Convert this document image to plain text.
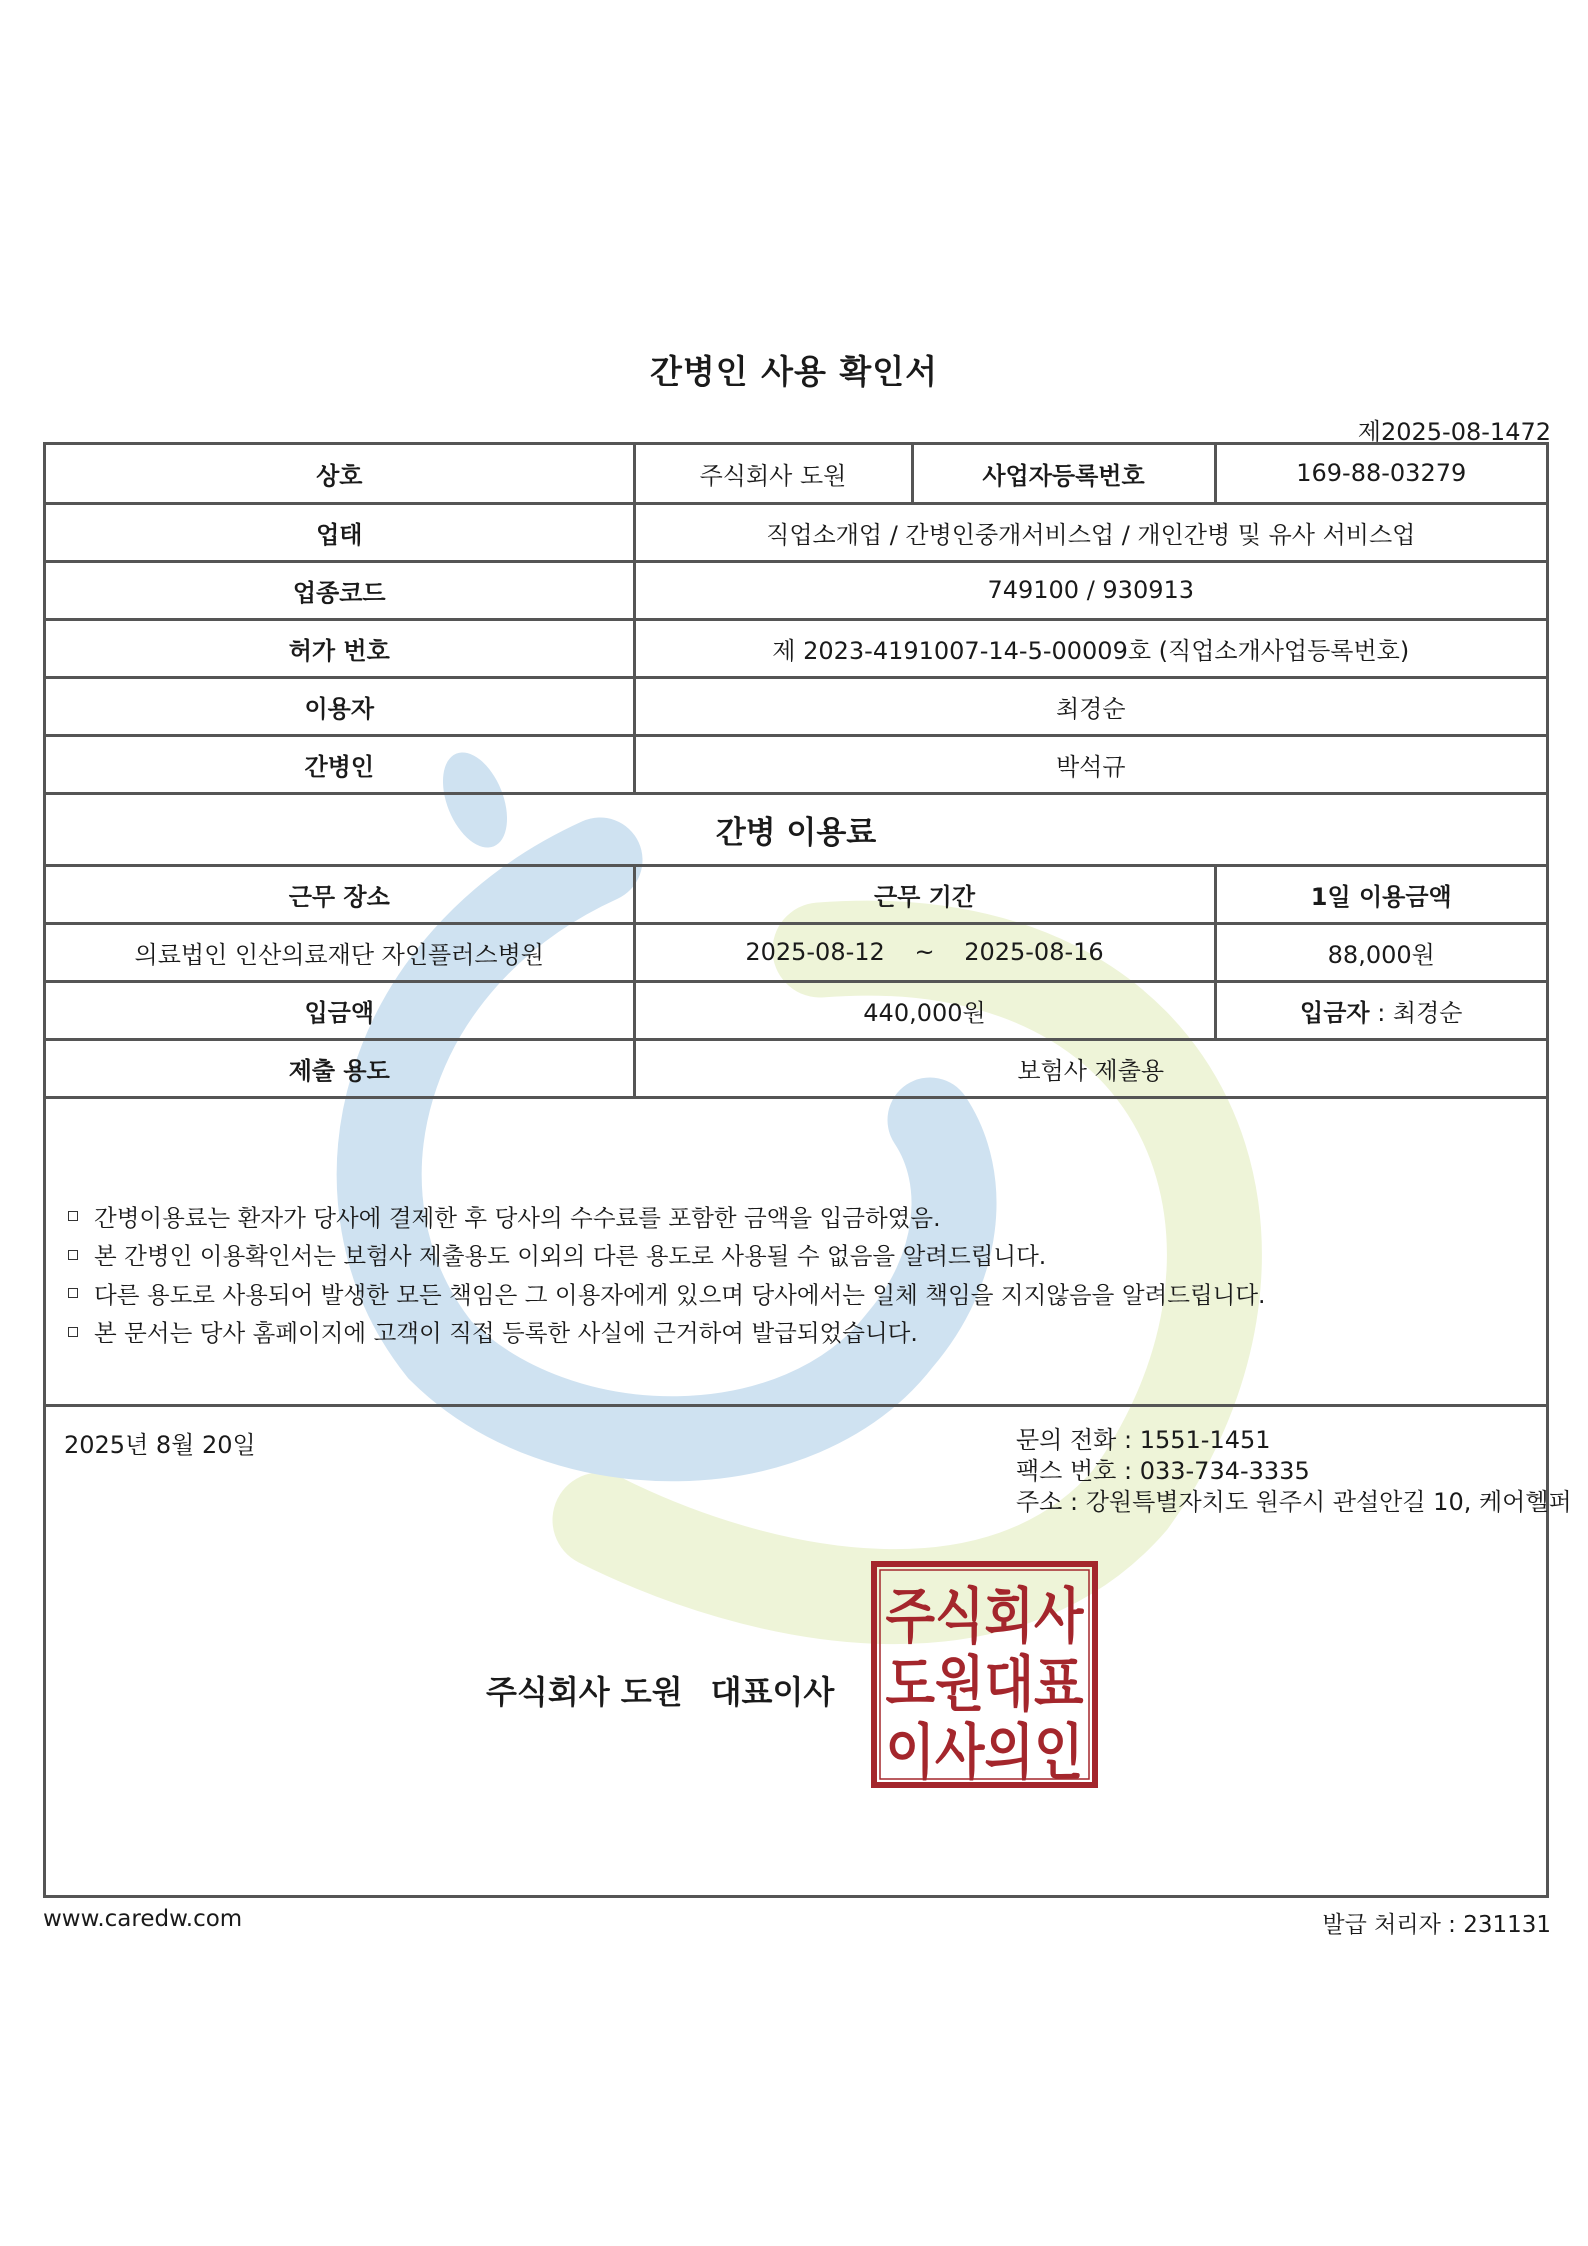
간병인 사용 확인서
제2025-08-1472
상호	주식회사 도원	사업자등록번호	169-88-03279
업태	직업소개업 / 간병인중개서비스업 / 개인간병 및 유사 서비스업		
업종코드	749100 / 930913		
허가 번호	제 2023-4191007-14-5-00009호 (직업소개사업등록번호)		
이용자	최경순		
간병인	박석규		
간병 이용료			
근무 장소	근무 기간		1일 이용금액
의료법인 인산의료재단 자인플러스병원	2025-08-12 ~ 2025-08-16		88,000원
입금액	440,000원		입금자 : 최경순
제출 용도	보험사 제출용		
간병이용료는 환자가 당사에 결제한 후 당사의 수수료를 포함한 금액을 입금하였음.
본 간병인 이용확인서는 보험사 제출용도 이외의 다른 용도로 사용될 수 없음을 알려드립니다.
다른 용도로 사용되어 발생한 모든 책임은 그 이용자에게 있으며 당사에서는 일체 책임을 지지않음을 알려드립니다.
본 문서는 당사 홈페이지에 고객이 직접 등록한 사실에 근거하여 발급되었습니다.
2025년 8월 20일	문의 전화 : 1551-1451
팩스 번호 : 033-734-3335
주소 : 강원특별자치도 원주시 관설안길 10, 케어헬퍼
주식회사 도원 대표이사
주식회사
도원대표
이사의인
www.caredw.com	발급 처리자 : 231131
